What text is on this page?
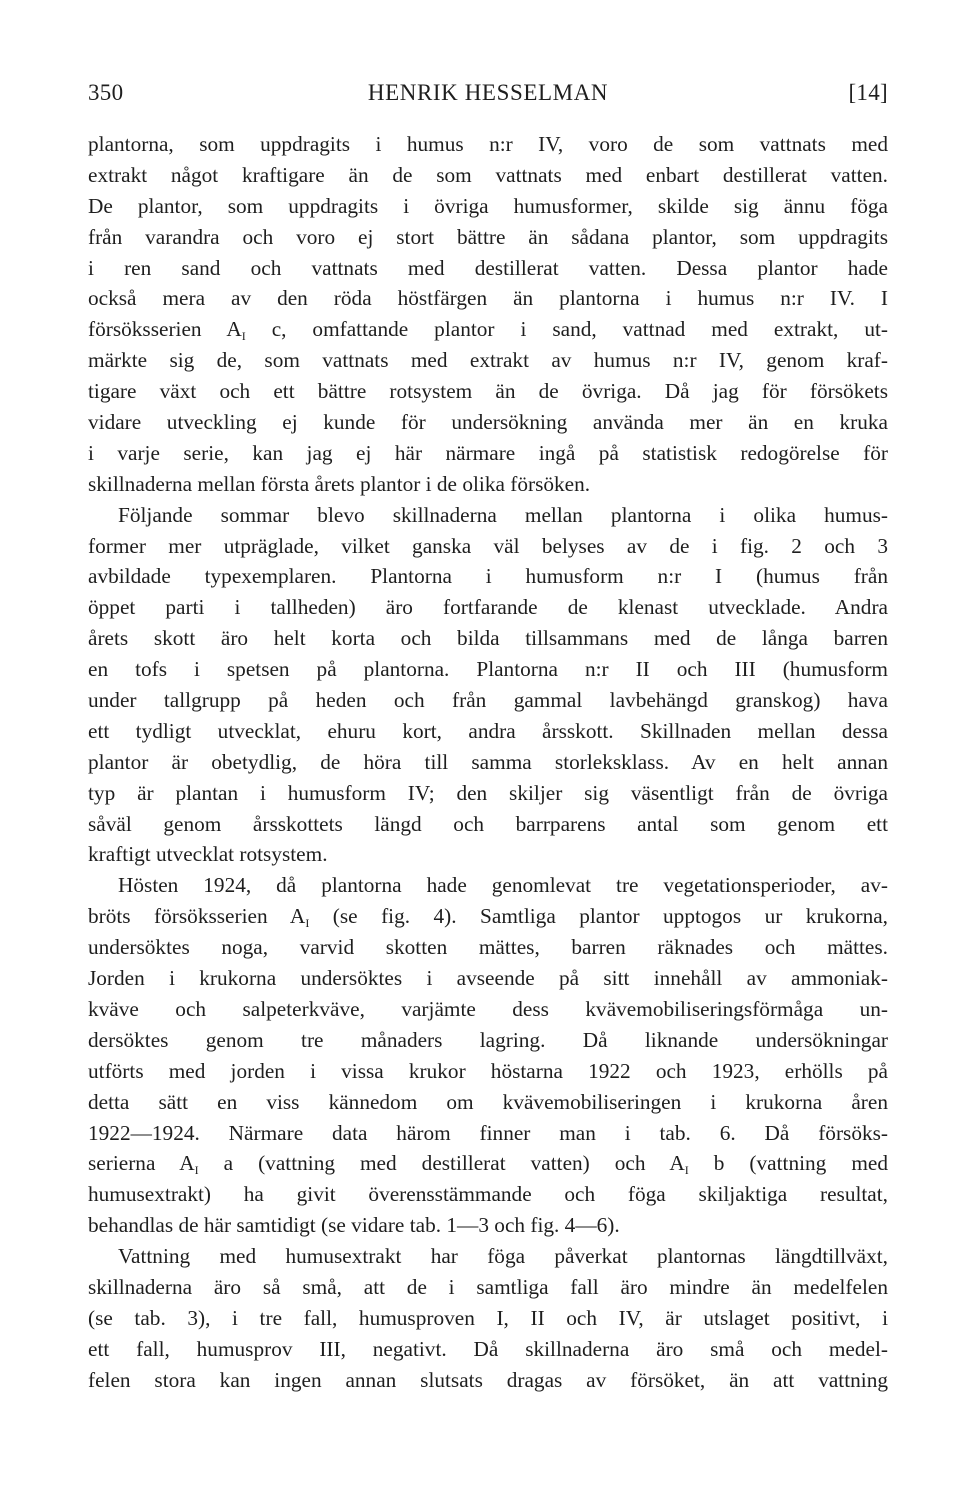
350	HENRIK HESSELMAN	[14]
plantorna, som uppdragits i humus n:r IV, voro de som vattnats med
extrakt något kraftigare än de som vattnats med enbart destillerat vatten.
De plantor, som uppdragits i övriga humusformer, skilde sig ännu föga
från varandra och voro ej stort bättre än sådana plantor, som uppdragits
i ren sand och vattnats med destillerat vatten. Dessa plantor hade
också mera av den röda höstfärgen än plantorna i humus n:r IV. I
försöksserien $A_I$ c, omfattande plantor i sand, vattnad med extrakt, ut-
märkte sig de, som vattnats med extrakt av humus n:r IV, genom kraf-
tigare växt och ett bättre rotsystem än de övriga. Då jag för försökets
vidare utveckling ej kunde för undersökning använda mer än en kruka
i varje serie, kan jag ej här närmare ingå på statistisk redogörelse för
skillnaderna mellan första årets plantor i de olika försöken.
Följande sommar blevo skillnaderna mellan plantorna i olika humus-
former mer utpräglade, vilket ganska väl belyses av de i fig. 2 och 3
avbildade typexemplaren. Plantorna i humusform n:r I (humus från
öppet parti i tallheden) äro fortfarande de klenast utvecklade. Andra
årets skott äro helt korta och bilda tillsammans med de långa barren
en tofs i spetsen på plantorna. Plantorna n:r II och III (humusform
under tallgrupp på heden och från gammal lavbehängd granskog) hava
ett tydligt utvecklat, ehuru kort, andra årsskott. Skillnaden mellan dessa
plantor är obetydlig, de höra till samma storleksklass. Av en helt annan
typ är plantan i humusform IV; den skiljer sig väsentligt från de övriga
såväl genom årsskottets längd och barrparens antal som genom ett
kraftigt utvecklat rotsystem.
Hösten 1924, då plantorna hade genomlevat tre vegetationsperioder, av-
bröts försöksserien $A_I$ (se fig. 4). Samtliga plantor upptogos ur krukorna,
undersöktes noga, varvid skotten mättes, barren räknades och mättes.
Jorden i krukorna undersöktes i avseende på sitt innehåll av ammoniak-
kväve och salpeterkväve, varjämte dess kvävemobiliseringsförmåga un-
dersöktes genom tre månaders lagring. Då liknande undersökningar
utförts med jorden i vissa krukor höstarna 1922 och 1923, erhölls på
detta sätt en viss kännedom om kvävemobiliseringen i krukorna åren
1922—1924. Närmare data härom finner man i tab. 6. Då försöks-
serierna $A_I$ a (vattning med destillerat vatten) och $A_I$ b (vattning med
humusextrakt) ha givit överensstämmande och föga skiljaktiga resultat,
behandlas de här samtidigt (se vidare tab. 1—3 och fig. 4—6).
Vattning med humusextrakt har föga påverkat plantornas längdtillväxt,
skillnaderna äro så små, att de i samtliga fall äro mindre än medelfelen
(se tab. 3), i tre fall, humusproven I, II och IV, är utslaget positivt, i
ett fall, humusprov III, negativt. Då skillnaderna äro små och medel-
felen stora kan ingen annan slutsats dragas av försöket, än att vattning
